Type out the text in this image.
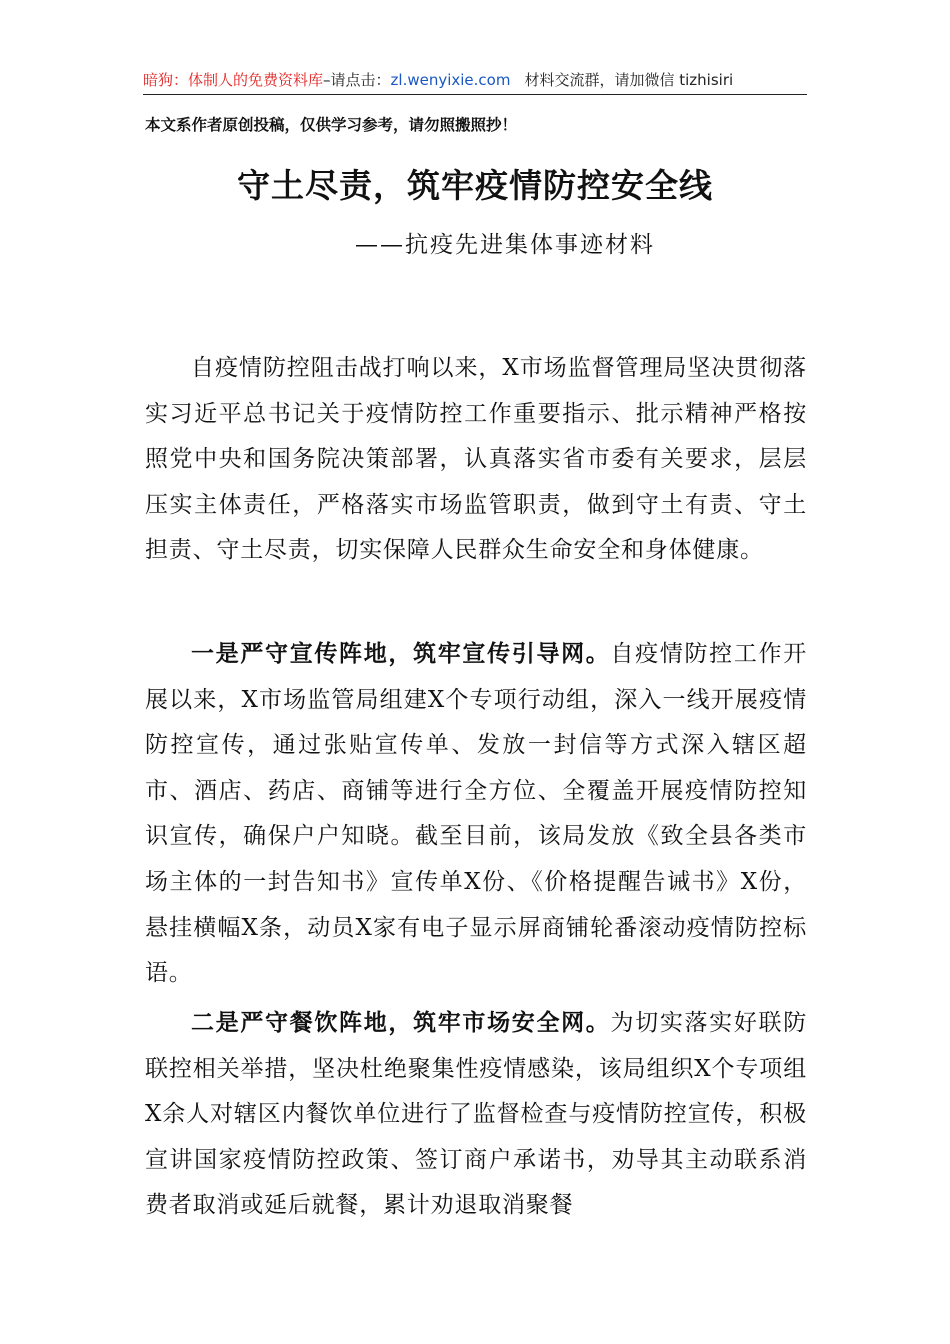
暗狗：体制人的免费资料库–请点击：zl.wenyixie.com 材料交流群，请加微信 tizhisiri
本文系作者原创投稿，仅供学习参考，请勿照搬照抄！
守土尽责，筑牢疫情防控安全线
——抗疫先进集体事迹材料

自疫情防控阻击战打响以来，X市场监督管理局坚决贯彻落实习近平总书记关于疫情防控工作重要指示、批示精神严格按照党中央和国务院决策部署，认真落实省市委有关要求，层层压实主体责任，严格落实市场监管职责，做到守土有责、守土担责、守土尽责，切实保障人民群众生命安全和身体健康。

一是严守宣传阵地，筑牢宣传引导网。自疫情防控工作开展以来，X市场监管局组建X个专项行动组，深入一线开展疫情防控宣传，通过张贴宣传单、发放一封信等方式深入辖区超市、酒店、药店、商铺等进行全方位、全覆盖开展疫情防控知识宣传，确保户户知晓。截至目前，该局发放《致全县各类市场主体的一封告知书》宣传单X份、《价格提醒告诫书》X份，悬挂横幅X条，动员X家有电子显示屏商铺轮番滚动疫情防控标语。

二是严守餐饮阵地，筑牢市场安全网。为切实落实好联防联控相关举措，坚决杜绝聚集性疫情感染，该局组织X个专项组X余人对辖区内餐饮单位进行了监督检查与疫情防控宣传，积极宣讲国家疫情防控政策、签订商户承诺书，劝导其主动联系消费者取消或延后就餐，累计劝退取消聚餐
